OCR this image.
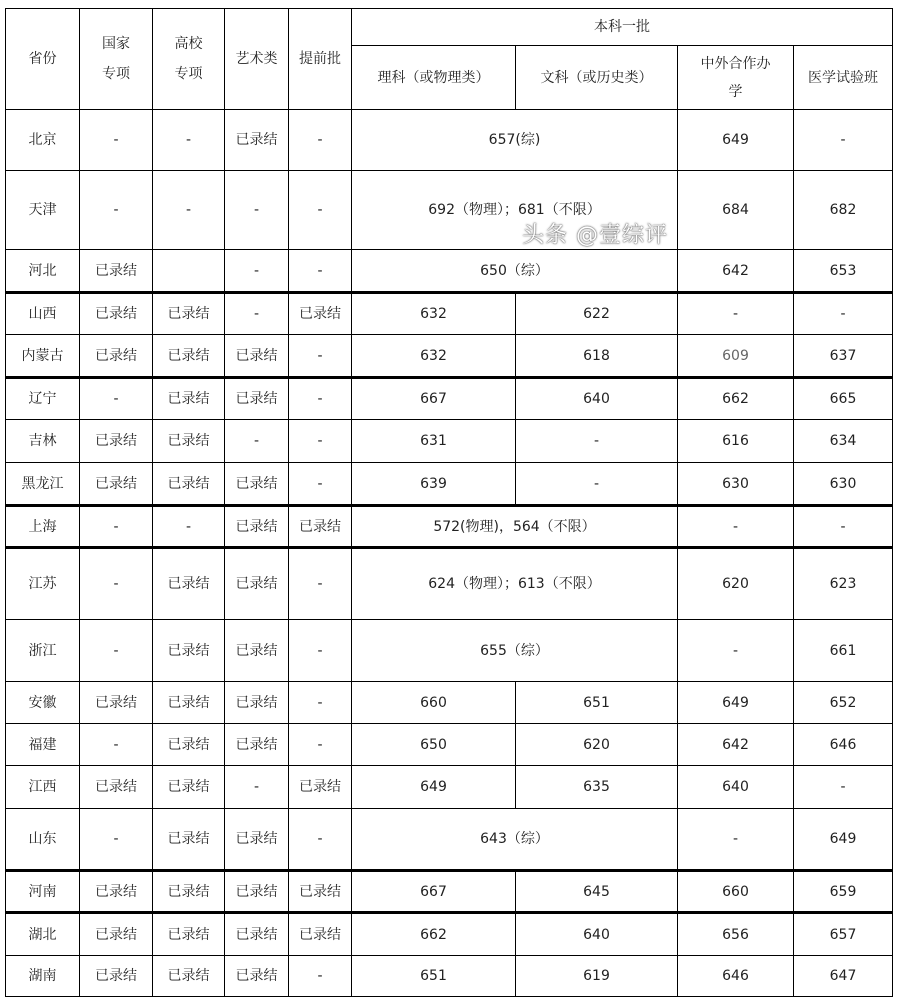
省份	国家专项	高校专项	艺术类	提前批	本科一批			
					理科（或物理类）	文科（或历史类）	中外合作办学	医学试验班
北京	-	-	已录结	-	657(综)		649	-
天津	-	-	-	-	692（物理）；681（不限）		684	682
河北	已录结		-	-	650（综）		642	653
山西	已录结	已录结	-	已录结	632	622	-	-
内蒙古	已录结	已录结	已录结	-	632	618	609	637
辽宁	-	已录结	已录结	-	667	640	662	665
吉林	已录结	已录结	-	-	631	-	616	634
黑龙江	已录结	已录结	已录结	-	639	-	630	630
上海	-	-	已录结	已录结	572(物理)，564（不限）		-	-
江苏	-	已录结	已录结	-	624（物理）；613（不限）		620	623
浙江	-	已录结	已录结	-	655（综）		-	661
安徽	已录结	已录结	已录结	-	660	651	649	652
福建	-	已录结	已录结	-	650	620	642	646
江西	已录结	已录结	-	已录结	649	635	640	-
山东	-	已录结	已录结	-	643（综）		-	649
河南	已录结	已录结	已录结	已录结	667	645	660	659
湖北	已录结	已录结	已录结	已录结	662	640	656	657
湖南	已录结	已录结	已录结	-	651	619	646	647
头条 @壹综评
